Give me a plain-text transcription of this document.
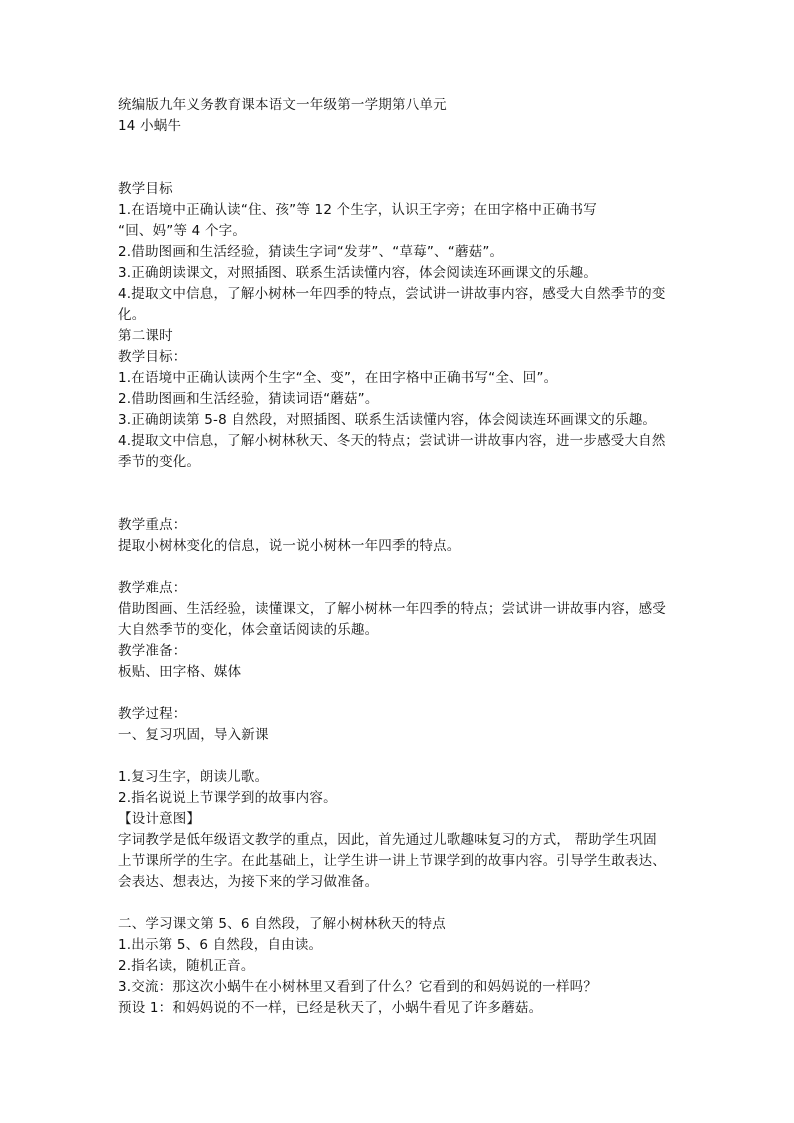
统编版九年义务教育课本语文一年级第一学期第八单元
14 小蜗牛
教学目标
1.在语境中正确认读“住、孩”等 12 个生字，认识王字旁；在田字格中正确书写
“回、妈”等 4 个字。
2.借助图画和生活经验，猜读生字词“发芽”、“草莓”、“蘑菇”。
3.正确朗读课文，对照插图、联系生活读懂内容，体会阅读连环画课文的乐趣。
4.提取文中信息，了解小树林一年四季的特点，尝试讲一讲故事内容，感受大自然季节的变
化。
第二课时
教学目标：
1.在语境中正确认读两个生字“全、变”，在田字格中正确书写“全、回”。
2.借助图画和生活经验，猜读词语“蘑菇”。
3.正确朗读第 5-8 自然段，对照插图、联系生活读懂内容，体会阅读连环画课文的乐趣。
4.提取文中信息，了解小树林秋天、冬天的特点；尝试讲一讲故事内容，进一步感受大自然
季节的变化。
教学重点：
提取小树林变化的信息，说一说小树林一年四季的特点。
教学难点：
借助图画、生活经验，读懂课文，了解小树林一年四季的特点；尝试讲一讲故事内容，感受
大自然季节的变化，体会童话阅读的乐趣。
教学准备：
板贴、田字格、媒体
教学过程：
一、复习巩固，导入新课
1.复习生字，朗读儿歌。
2.指名说说上节课学到的故事内容。
【设计意图】
字词教学是低年级语文教学的重点，因此，首先通过儿歌趣味复习的方式， 帮助学生巩固
上节课所学的生字。在此基础上，让学生讲一讲上节课学到的故事内容。引导学生敢表达、
会表达、想表达，为接下来的学习做准备。
二、学习课文第 5、6 自然段，了解小树林秋天的特点
1.出示第 5、6 自然段，自由读。
2.指名读，随机正音。
3.交流：那这次小蜗牛在小树林里又看到了什么？它看到的和妈妈说的一样吗？
预设 1：和妈妈说的不一样，已经是秋天了，小蜗牛看见了许多蘑菇。
